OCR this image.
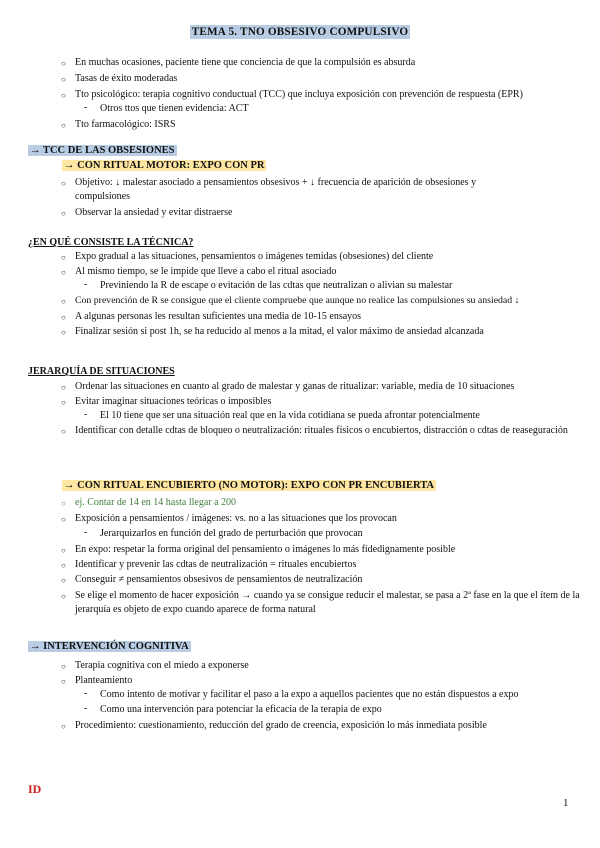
TEMA 5. TNO OBSESIVO COMPULSIVO
○ En muchas ocasiones, paciente tiene que conciencia de que la compulsión es absurda
○ Tasas de éxito moderadas
○ Tto psicológico: terapia cognitivo conductual (TCC) que incluya exposición con prevención de respuesta (EPR)
- Otros ttos que tienen evidencia: ACT
○ Tto farmacológico: ISRS
→ TCC DE LAS OBSESIONES
→ CON RITUAL MOTOR: EXPO CON PR
○ Objetivo: ↓ malestar asociado a pensamientos obsesivos + ↓ frecuencia de aparición de obsesiones y compulsiones
○ Observar la ansiedad y evitar distraerse
¿EN QUÉ CONSISTE LA TÉCNICA?
○ Expo gradual a las situaciones, pensamientos o imágenes temidas (obsesiones) del cliente
○ Al mismo tiempo, se le impide que lleve a cabo el ritual asociado
- Previniendo la R de escape o evitación de las cdtas que neutralizan o alivian su malestar
○ Con prevención de R se consigue que el cliente compruebe que aunque no realice las compulsiones su ansiedad ↓
○ A algunas personas les resultan suficientes una media de 10-15 ensayos
○ Finalizar sesión si post 1h, se ha reducido al menos a la mitad, el valor máximo de ansiedad alcanzada
JERARQUÍA DE SITUACIONES
○ Ordenar las situaciones en cuanto al grado de malestar y ganas de ritualizar: variable, media de 10 situaciones
○ Evitar imaginar situaciones teóricas o imposibles
- El 10 tiene que ser una situación real que en la vida cotidiana se pueda afrontar potencialmente
○ Identificar con detalle cdtas de bloqueo o neutralización: rituales físicos o encubiertos, distracción o cdtas de reaseguración
→ CON RITUAL ENCUBIERTO (NO MOTOR): EXPO CON PR ENCUBIERTA
○ ej. Contar de 14 en 14 hasta llegar a 200
○ Exposición a pensamientos / imágenes: vs. no a las situaciones que los provocan
- Jerarquizarlos en función del grado de perturbación que provocan
○ En expo: respetar la forma original del pensamiento o imágenes lo más fidedignamente posible
○ Identificar y prevenir las cdtas de neutralización = rituales encubiertos
○ Conseguir ≠ pensamientos obsesivos de pensamientos de neutralización
○ Se elige el momento de hacer exposición → cuando ya se consigue reducir el malestar, se pasa a 2ª fase en la que el ítem de la jerarquía es objeto de expo cuando aparece de forma natural
→ INTERVENCIÓN COGNITIVA
○ Terapia cognitiva con el miedo a exponerse
○ Planteamiento
- Como intento de motivar y facilitar el paso a la expo a aquellos pacientes que no están dispuestos a expo
- Como una intervención para potenciar la eficacia de la terapia de expo
○ Procedimiento: cuestionamiento, reducción del grado de creencia, exposición lo más inmediata posible
ID
1
